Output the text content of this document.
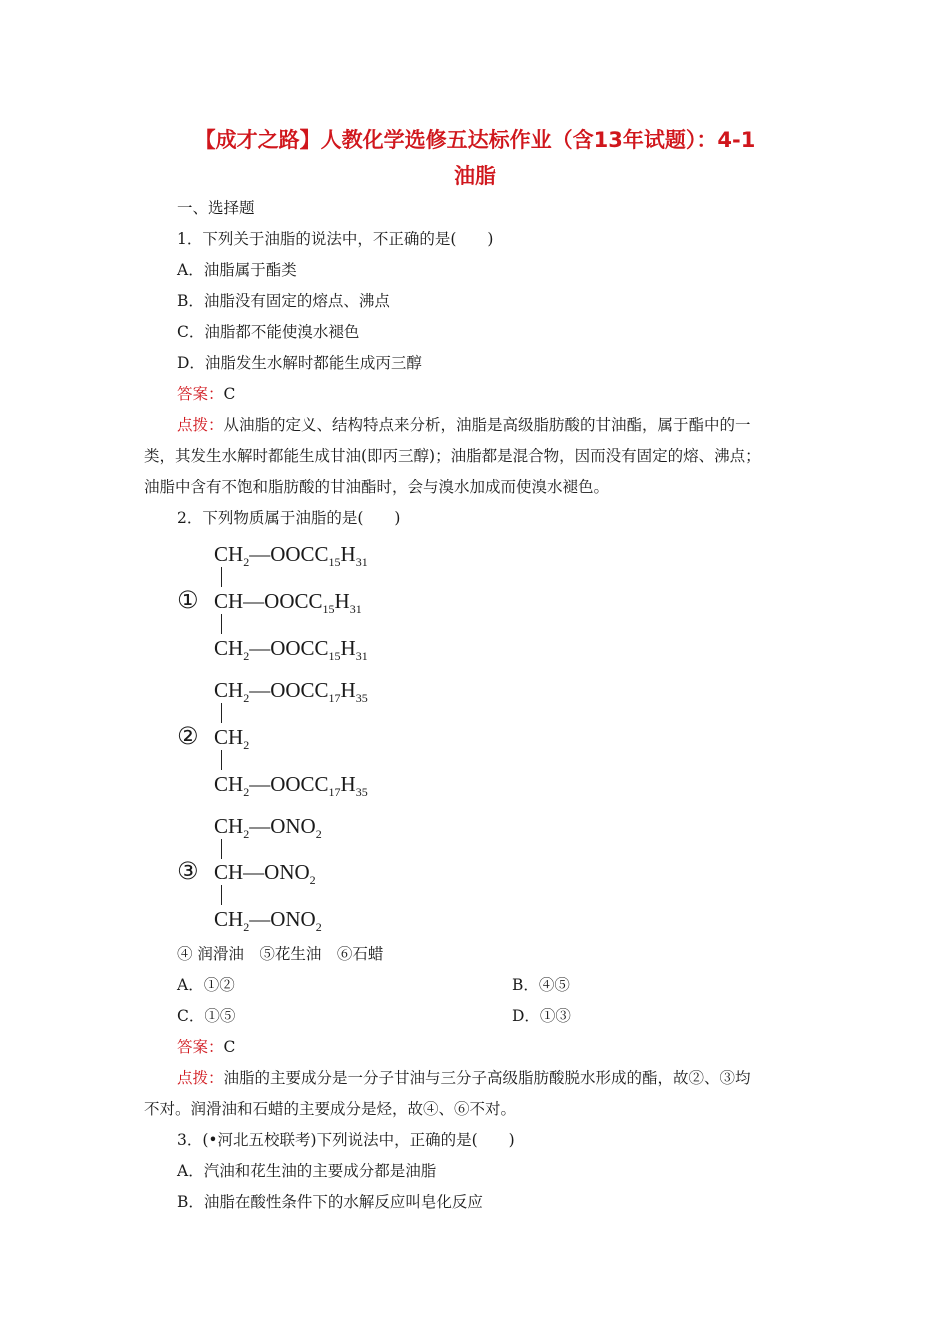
【成才之路】人教化学选修五达标作业（含13年试题）：4-1
油脂
一、选择题
1．下列关于油脂的说法中，不正确的是(　　)
A．油脂属于酯类
B．油脂没有固定的熔点、沸点
C．油脂都不能使溴水褪色
D．油脂发生水解时都能生成丙三醇
答案：C
点拨：从油脂的定义、结构特点来分析，油脂是高级脂肪酸的甘油酯，属于酯中的一
类，其发生水解时都能生成甘油(即丙三醇)；油脂都是混合物，因而没有固定的熔、沸点；
油脂中含有不饱和脂肪酸的甘油酯时，会与溴水加成而使溴水褪色。
2．下列物质属于油脂的是(　　)
①
$CH_2—OOCC_{15}H_{31}$
$CH—OOCC_{15}H_{31}$
$CH_2—OOCC_{15}H_{31}$
②
$CH_2—OOCC_{17}H_{35}$
$CH_2$
$CH_2—OOCC_{17}H_{35}$
③
$CH_2—ONO_2$
$CH—ONO_2$
$CH_2—ONO_2$
④ 润滑油　⑤花生油　⑥石蜡
A．①②	B．④⑤
C．①⑤	D．①③
答案：C
点拨：油脂的主要成分是一分子甘油与三分子高级脂肪酸脱水形成的酯，故②、③均
不对。润滑油和石蜡的主要成分是烃，故④、⑥不对。
3．(•河北五校联考)下列说法中，正确的是(　　)
A．汽油和花生油的主要成分都是油脂
B．油脂在酸性条件下的水解反应叫皂化反应
